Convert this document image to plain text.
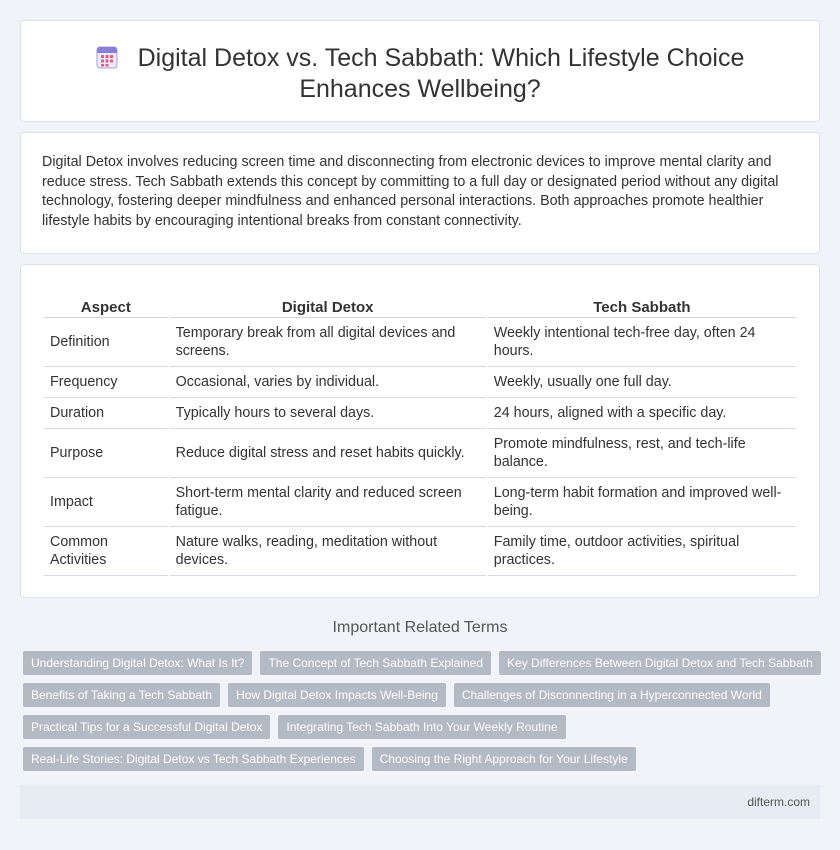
Digital Detox vs. Tech Sabbath: Which Lifestyle Choice Enhances Wellbeing?

Digital Detox involves reducing screen time and disconnecting from electronic devices to improve mental clarity and reduce stress. Tech Sabbath extends this concept by committing to a full day or designated period without any digital technology, fostering deeper mindfulness and enhanced personal interactions. Both approaches promote healthier lifestyle habits by encouraging intentional breaks from constant connectivity.

Aspect	Digital Detox	Tech Sabbath
Definition	Temporary break from all digital devices and screens.	Weekly intentional tech-free day, often 24 hours.
Frequency	Occasional, varies by individual.	Weekly, usually one full day.
Duration	Typically hours to several days.	24 hours, aligned with a specific day.
Purpose	Reduce digital stress and reset habits quickly.	Promote mindfulness, rest, and tech-life balance.
Impact	Short-term mental clarity and reduced screen fatigue.	Long-term habit formation and improved well-being.
Common Activities	Nature walks, reading, meditation without devices.	Family time, outdoor activities, spiritual practices.
Important Related Terms
Understanding Digital Detox: What Is It?	The Concept of Tech Sabbath Explained	Key Differences Between Digital Detox and Tech Sabbath
Benefits of Taking a Tech Sabbath	How Digital Detox Impacts Well-Being	Challenges of Disconnecting in a Hyperconnected World
Practical Tips for a Successful Digital Detox	Integrating Tech Sabbath Into Your Weekly Routine
Real-Life Stories: Digital Detox vs Tech Sabbath Experiences	Choosing the Right Approach for Your Lifestyle
difterm.com
